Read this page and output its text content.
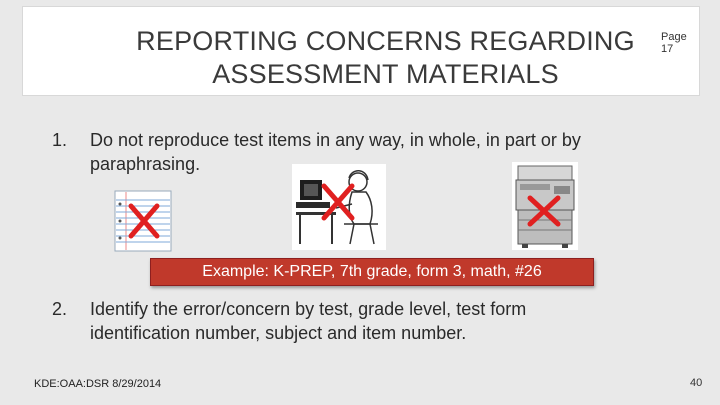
REPORTING CONCERNS REGARDING ASSESSMENT MATERIALS
Page 17
1. Do not reproduce test items in any way, in whole, in part or by paraphrasing.
Example: K-PREP, 7th grade, form 3, math, #26
2. Identify the error/concern by test, grade level, test form identification number, subject and item number.
KDE:OAA:DSR 8/29/2014	40
